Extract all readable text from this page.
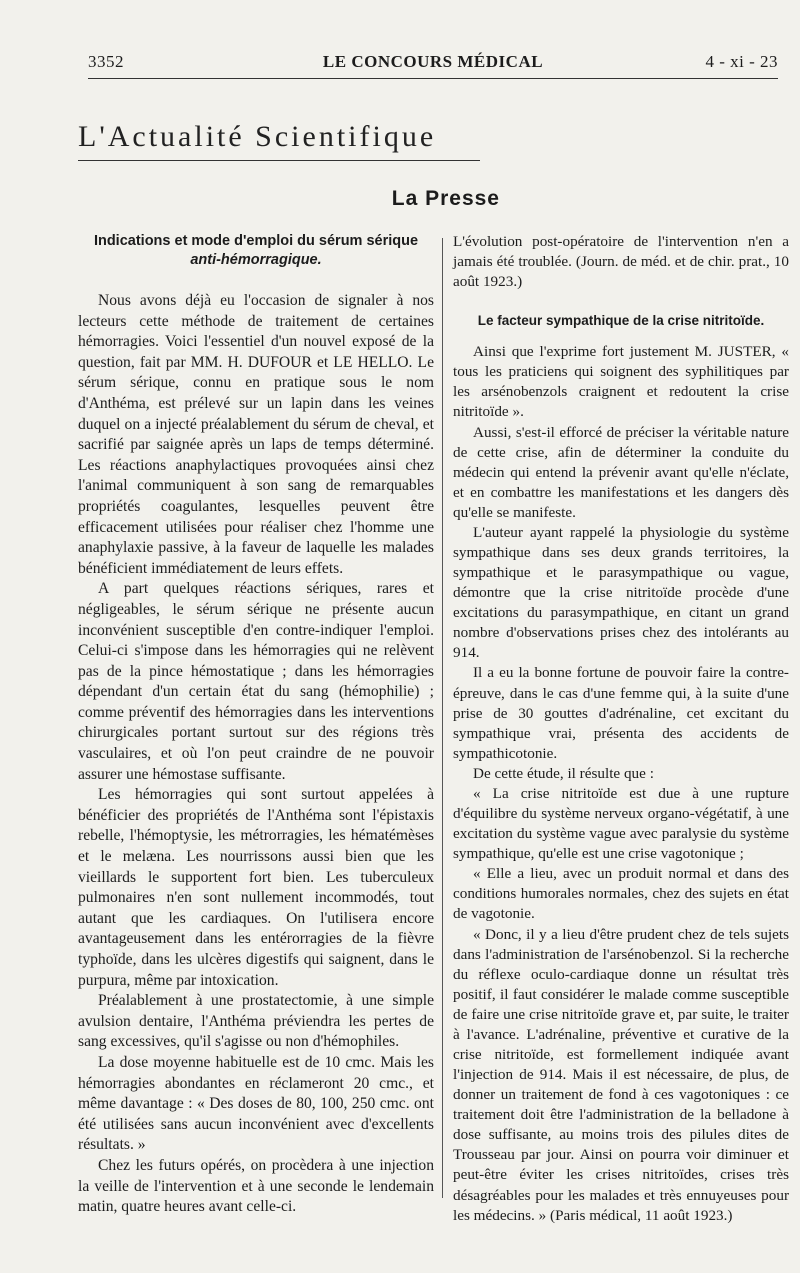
3352	LE CONCOURS MÉDICAL	4 - xi - 23
L'Actualité Scientifique
La Presse
Indications et mode d'emploi du sérum sérique
anti-hémorragique.

Nous avons déjà eu l'occasion de signaler à nos lecteurs cette méthode de traitement de certaines hémorragies. Voici l'essentiel d'un nouvel exposé de la question, fait par MM. H. DUFOUR et LE HELLO. Le sérum sérique, connu en pratique sous le nom d'Anthéma, est prélevé sur un lapin dans les veines duquel on a injecté préalablement du sérum de cheval, et sacrifié par saignée après un laps de temps déterminé. Les réactions anaphylactiques provoquées ainsi chez l'animal communiquent à son sang de remarquables propriétés coagulantes, lesquelles peuvent être efficacement utilisées pour réaliser chez l'homme une anaphylaxie passive, à la faveur de laquelle les malades bénéficient immédiatement de leurs effets.

A part quelques réactions sériques, rares et négligeables, le sérum sérique ne présente aucun inconvénient susceptible d'en contre-indiquer l'emploi. Celui-ci s'impose dans les hémorragies qui ne relèvent pas de la pince hémostatique ; dans les hémorragies dépendant d'un certain état du sang (hémophilie) ; comme préventif des hémorragies dans les interventions chirurgicales portant surtout sur des régions très vasculaires, et où l'on peut craindre de ne pouvoir assurer une hémostase suffisante.

Les hémorragies qui sont surtout appelées à bénéficier des propriétés de l'Anthéma sont l'épistaxis rebelle, l'hémoptysie, les métrorragies, les hématémèses et le melæna. Les nourrissons aussi bien que les vieillards le supportent fort bien. Les tuberculeux pulmonaires n'en sont nullement incommodés, tout autant que les cardiaques. On l'utilisera encore avantageusement dans les entérorragies de la fièvre typhoïde, dans les ulcères digestifs qui saignent, dans le purpura, même par intoxication.

Préalablement à une prostatectomie, à une simple avulsion dentaire, l'Anthéma préviendra les pertes de sang excessives, qu'il s'agisse ou non d'hémophiles.

La dose moyenne habituelle est de 10 cmc. Mais les hémorragies abondantes en réclameront 20 cmc., et même davantage : « Des doses de 80, 100, 250 cmc. ont été utilisées sans aucun inconvénient avec d'excellents résultats. »

Chez les futurs opérés, on procèdera à une injection la veille de l'intervention et à une seconde le lendemain matin, quatre heures avant celle-ci.

L'évolution post-opératoire de l'intervention n'en a jamais été troublée. (Journ. de méd. et de chir. prat., 10 août 1923.)

Le facteur sympathique de la crise nitritoïde.

Ainsi que l'exprime fort justement M. JUSTER, « tous les praticiens qui soignent des syphilitiques par les arsénobenzols craignent et redoutent la crise nitritoïde ».

Aussi, s'est-il efforcé de préciser la véritable nature de cette crise, afin de déterminer la conduite du médecin qui entend la prévenir avant qu'elle n'éclate, et en combattre les manifestations et les dangers dès qu'elle se manifeste.

L'auteur ayant rappelé la physiologie du système sympathique dans ses deux grands territoires, la sympathique et le parasympathique ou vague, démontre que la crise nitritoïde procède d'une excitations du parasympathique, en citant un grand nombre d'observations prises chez des intolérants au 914.

Il a eu la bonne fortune de pouvoir faire la contre-épreuve, dans le cas d'une femme qui, à la suite d'une prise de 30 gouttes d'adrénaline, cet excitant du sympathique vrai, présenta des accidents de sympathicotonie.

De cette étude, il résulte que :

« La crise nitritoïde est due à une rupture d'équilibre du système nerveux organo-végétatif, à une excitation du système vague avec paralysie du système sympathique, qu'elle est une crise vagotonique ;

« Elle a lieu, avec un produit normal et dans des conditions humorales normales, chez des sujets en état de vagotonie.

« Donc, il y a lieu d'être prudent chez de tels sujets dans l'administration de l'arsénobenzol. Si la recherche du réflexe oculo-cardiaque donne un résultat très positif, il faut considérer le malade comme susceptible de faire une crise nitritoïde grave et, par suite, le traiter à l'avance. L'adrénaline, préventive et curative de la crise nitritoïde, est formellement indiquée avant l'injection de 914. Mais il est nécessaire, de plus, de donner un traitement de fond à ces vagotoniques : ce traitement doit être l'administration de la belladone à dose suffisante, au moins trois des pilules dites de Trousseau par jour. Ainsi on pourra voir diminuer et peut-être éviter les crises nitritoïdes, crises très désagréables pour les malades et très ennuyeuses pour les médecins. » (Paris médical, 11 août 1923.)
